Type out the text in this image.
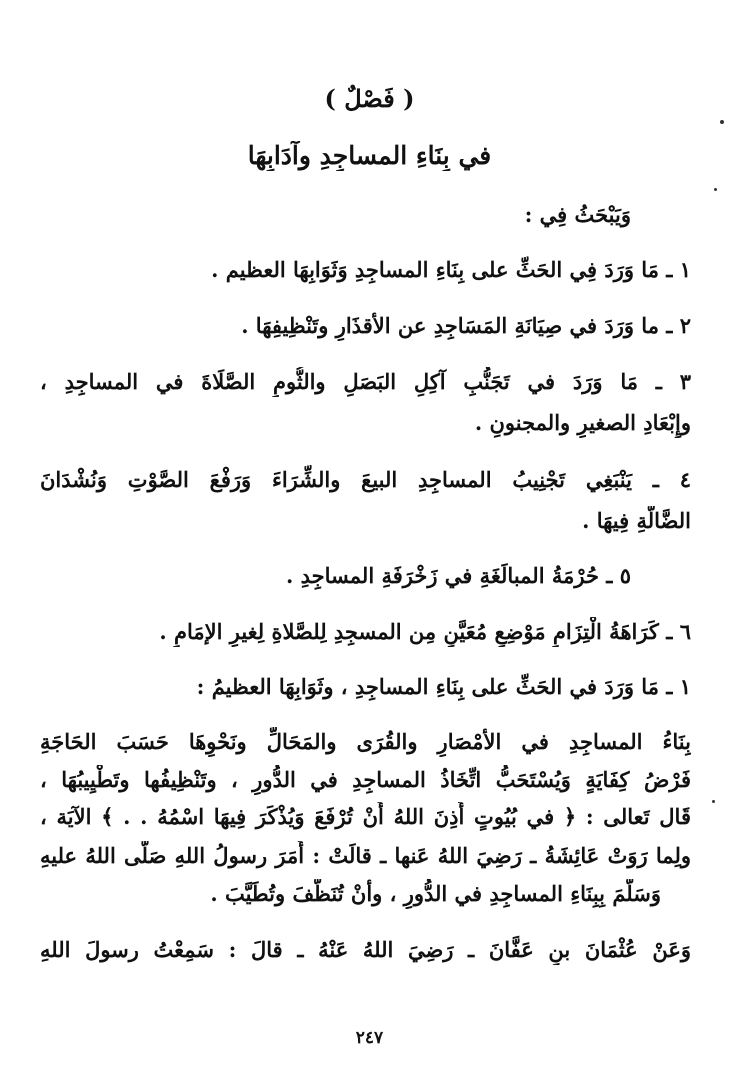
( فَصْلٌ )
في بِنَاءِ المساجِدِ وآدَابِهَا
وَيَبْحَثُ فِي :
١ ـ مَا وَرَدَ فِي الحَثِّ على بِنَاءِ المساجِدِ وَثَوَابِهَا العظيم .
٢ ـ ما وَرَدَ في صِيَانَةِ المَسَاجِدِ عن الأقذَارِ وتَنْظِيفِهَا .
٣ ـ مَا وَرَدَ في تَجَنُّبِ آكِلِ البَصَلِ والثُّومِ الصَّلَاةَ في المساجِدِ ،
وإِبْعَادِ الصغيرِ والمجنونِ .
٤ ـ يَنْبَغِي تَجْنِيبُ المساجِدِ البيعَ والشِّرَاءَ وَرَفْعَ الصَّوْتِ وَنُشْدَانَ
الضَّالَّةِ فِيهَا .
٥ ـ حُرْمَةُ المبالَغَةِ في زَخْرَفَةِ المساجِدِ .
٦ ـ كَرَاهَةُ الْتِزَامِ مَوْضِعٍ مُعَيَّنٍ مِن المسجِدِ لِلصَّلاةِ لِغيرِ الإمَامِ .
١ ـ مَا وَرَدَ في الحَثِّ على بِنَاءِ المساجِدِ ، وثَوَابِهَا العظيمُ :
بِنَاءُ المساجِدِ في الأمْصَارِ والقُرَى والمَحَالِّ ونَحْوِهَا حَسَبَ الحَاجَةِ
فَرْضُ كِفَايَةٍ وَيُسْتَحَبُّ اتِّخَاذُ المساجِدِ في الدُّورِ ، وتَنْظِيفُها وتَطْيِيبُهَا ،
قَال تَعالى : ﴿ في بُيُوتٍ أَذِنَ اللهُ أَنْ تُرْفَعَ وَيُذْكَرَ فِيهَا اسْمُهُ . . ﴾ الآيَة ،
ولِما رَوَتْ عَائِشَةُ ـ رَضِيَ اللهُ عَنها ـ قالَتْ : أَمَرَ رسولُ اللهِ صَلَّى اللهُ عليهِ
وَسَلَّمَ بِبِنَاءِ المساجِدِ في الدُّورِ ، وأنْ تُنَظَّفَ وتُطَيَّبَ .
وَعَنْ عُثْمَانَ بنِ عَفَّانَ ـ رَضِيَ اللهُ عَنْهُ ـ قالَ : سَمِعْتُ رسولَ اللهِ
٢٤٧
